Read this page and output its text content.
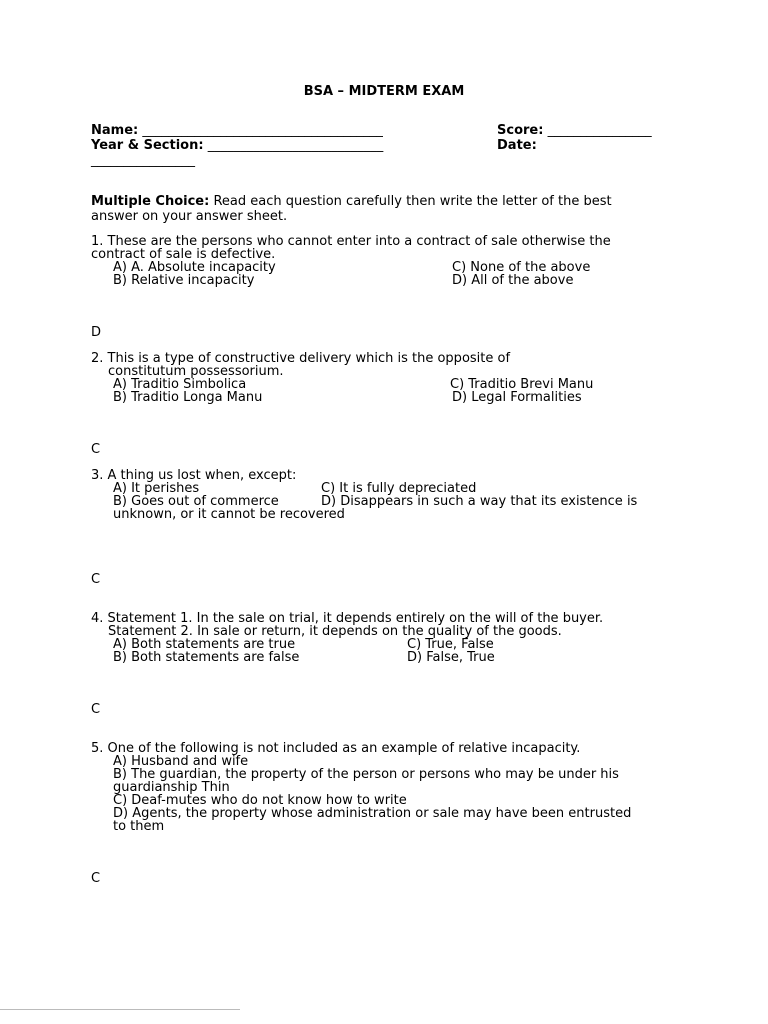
BSA – MIDTERM EXAM
Name: _____________________________________	Score: ________________
Year & Section: ___________________________	Date:
________________
Multiple Choice: Read each question carefully then write the letter of the best
answer on your answer sheet.
1. These are the persons who cannot enter into a contract of sale otherwise the
contract of sale is defective.
A) A. Absolute incapacity	C) None of the above
B) Relative incapacity	D) All of the above
D
2. This is a type of constructive delivery which is the opposite of
constitutum possessorium.
A) Traditio Simbolica	C) Traditio Brevi Manu
B) Traditio Longa Manu	D) Legal Formalities
C
3. A thing us lost when, except:
A) It perishes	C) It is fully depreciated
B) Goes out of commerce	D) Disappears in such a way that its existence is
unknown, or it cannot be recovered
C
4. Statement 1. In the sale on trial, it depends entirely on the will of the buyer.
Statement 2. In sale or return, it depends on the quality of the goods.
A) Both statements are true	C) True, False
B) Both statements are false	D) False, True
C
5. One of the following is not included as an example of relative incapacity.
A) Husband and wife
B) The guardian, the property of the person or persons who may be under his
guardianship Thin
C) Deaf-mutes who do not know how to write
D) Agents, the property whose administration or sale may have been entrusted
to them
C
